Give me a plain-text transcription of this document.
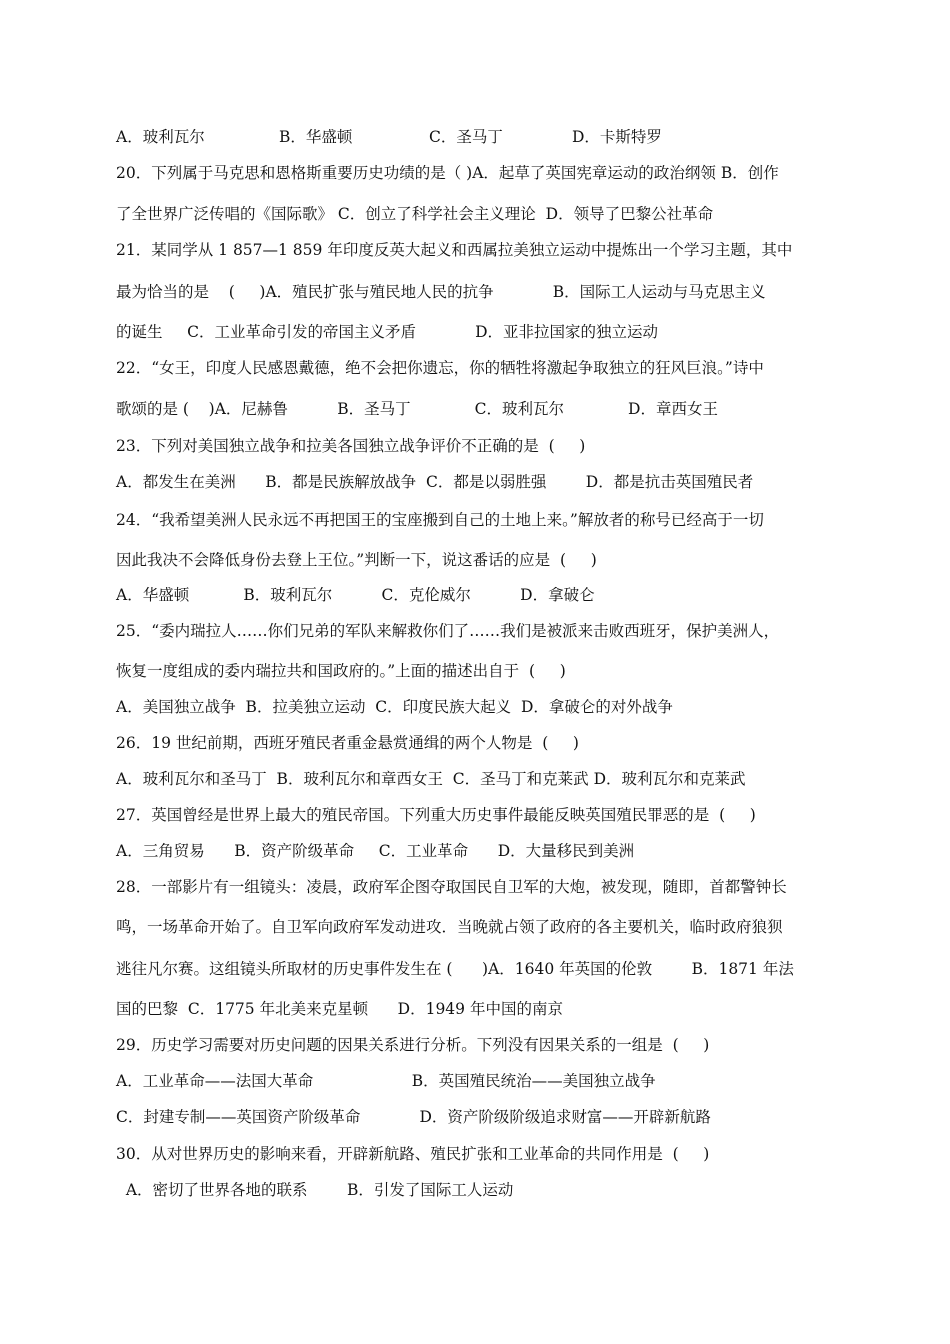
A．玻利瓦尔	B．华盛顿	C．圣马丁	D．卡斯特罗
20．下列属于马克思和恩格斯重要历史功绩的是（ )A．起草了英国宪章运动的政治纲领 B．创作
了全世界广泛传唱的《国际歌》 C．创立了科学社会主义理论  D．领导了巴黎公社革命
21．某同学从 1 857—1 859 年印度反英大起义和西属拉美独立运动中提炼出一个学习主题，其中
最为恰当的是    (     )A．殖民扩张与殖民地人民的抗争            B．国际工人运动与马克思主义
的诞生     C．工业革命引发的帝国主义矛盾            D．亚非拉国家的独立运动
22．“女王，印度人民感恩戴德，绝不会把你遗忘，你的牺牲将激起争取独立的狂风巨浪。”诗中
歌颂的是 (    )A．尼赫鲁          B．圣马丁             C．玻利瓦尔             D．章西女王
23．下列对美国独立战争和拉美各国独立战争评价不正确的是  (     )
A．都发生在美洲      B．都是民族解放战争  C．都是以弱胜强        D．都是抗击英国殖民者
24．“我希望美洲人民永远不再把国王的宝座搬到自己的土地上来。”解放者的称号已经高于一切
因此我决不会降低身份去登上王位。”判断一下，说这番话的应是  (     )
A．华盛顿           B．玻利瓦尔          C．克伦威尔          D．拿破仑
25．“委内瑞拉人……你们兄弟的军队来解救你们了……我们是被派来击败西班牙，保护美洲人，
恢复一度组成的委内瑞拉共和国政府的。”上面的描述出自于  (     )
A．美国独立战争  B．拉美独立运动  C．印度民族大起义  D．拿破仑的对外战争
26．19 世纪前期，西班牙殖民者重金悬赏通缉的两个人物是  (     )
A．玻利瓦尔和圣马丁  B．玻利瓦尔和章西女王  C．圣马丁和克莱武 D．玻利瓦尔和克莱武
27．英国曾经是世界上最大的殖民帝国。下列重大历史事件最能反映英国殖民罪恶的是  (     )
A．三角贸易      B．资产阶级革命     C．工业革命      D．大量移民到美洲
28．一部影片有一组镜头：凌晨，政府军企图夺取国民自卫军的大炮，被发现，随即，首都警钟长
鸣，一场革命开始了。自卫军向政府军发动进攻．当晚就占领了政府的各主要机关，临时政府狼狈
逃往凡尔赛。这组镜头所取材的历史事件发生在 (      )A．1640 年英国的伦敦        B．1871 年法
国的巴黎  C．1775 年北美来克星顿      D．1949 年中国的南京
29．历史学习需要对历史问题的因果关系进行分析。下列没有因果关系的一组是  (     )
A．工业革命——法国大革命                    B．英国殖民统治——美国独立战争
C．封建专制——英国资产阶级革命            D．资产阶级阶级追求财富——开辟新航路
30．从对世界历史的影响来看，开辟新航路、殖民扩张和工业革命的共同作用是  (     )
A．密切了世界各地的联系        B．引发了国际工人运动
